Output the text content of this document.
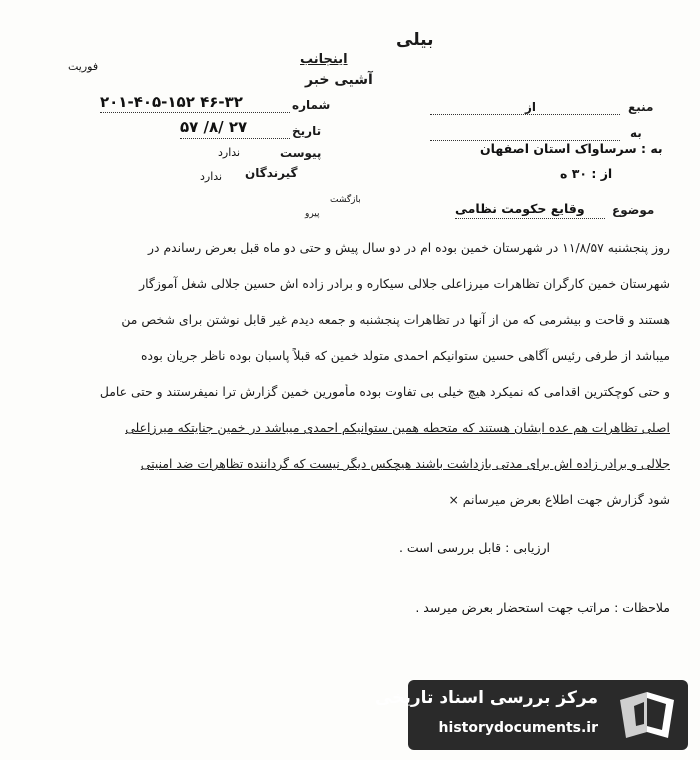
فوریت
بیلی
اینجانب
آشیی خبر
شماره
۴۶-۳۲ ۲۰۱-۴۰۵-۱۵۲
تاریخ
۲۷ /۸/ ۵۷
پیوست
ندارد
گیرندگان
ندارد
بازگشت
پیرو
منبع
از
به
به : سرساواک استان اصفهان
از : ۳۰ ه
موضوع
وقایع حکومت نظامی
روز پنجشنبه ۱۱/۸/۵۷ در شهرستان خمین بوده ام در دو سال پیش و حتی دو ماه قبل بعرض رساندم در
شهرستان خمین کارگران تظاهرات میرزاعلی جلالی سیکاره و برادر زاده اش حسین جلالی شغل آموزگار
هستند و قاحت و بیشرمی که من از آنها در تظاهرات پنجشنبه و جمعه دیدم غیر قابل نوشتن برای شخص من
میباشد از طرفی رئیس آگاهی حسین ستوانیکم احمدی متولد خمین که قبلاً پاسبان بوده ناظر جریان بوده
و حتی کوچکترین اقدامی که نمیکرد هیچ خیلی بی تفاوت بوده مأمورین خمین گزارش ترا نمیفرستند و حتی عامل
اصلی تظاهرات هم عده ایشان هستند که متحطه همین ستوانیکم احمدی میباشد در خمین جنایتکه میرزاعلی
جلالی و برادر زاده اش برای مدتی بازداشت باشند هیچکس دیگر نیست که گرداننده تظاهرات ضد امنیتی
شود گزارش جهت اطلاع بعرض میرسانم ×
ارزیابی : قابل بررسی است .
ملاحظات : مراتب جهت استحضار بعرض میرسد .
مرکز بررسی اسناد تاریخی
historydocuments.ir
